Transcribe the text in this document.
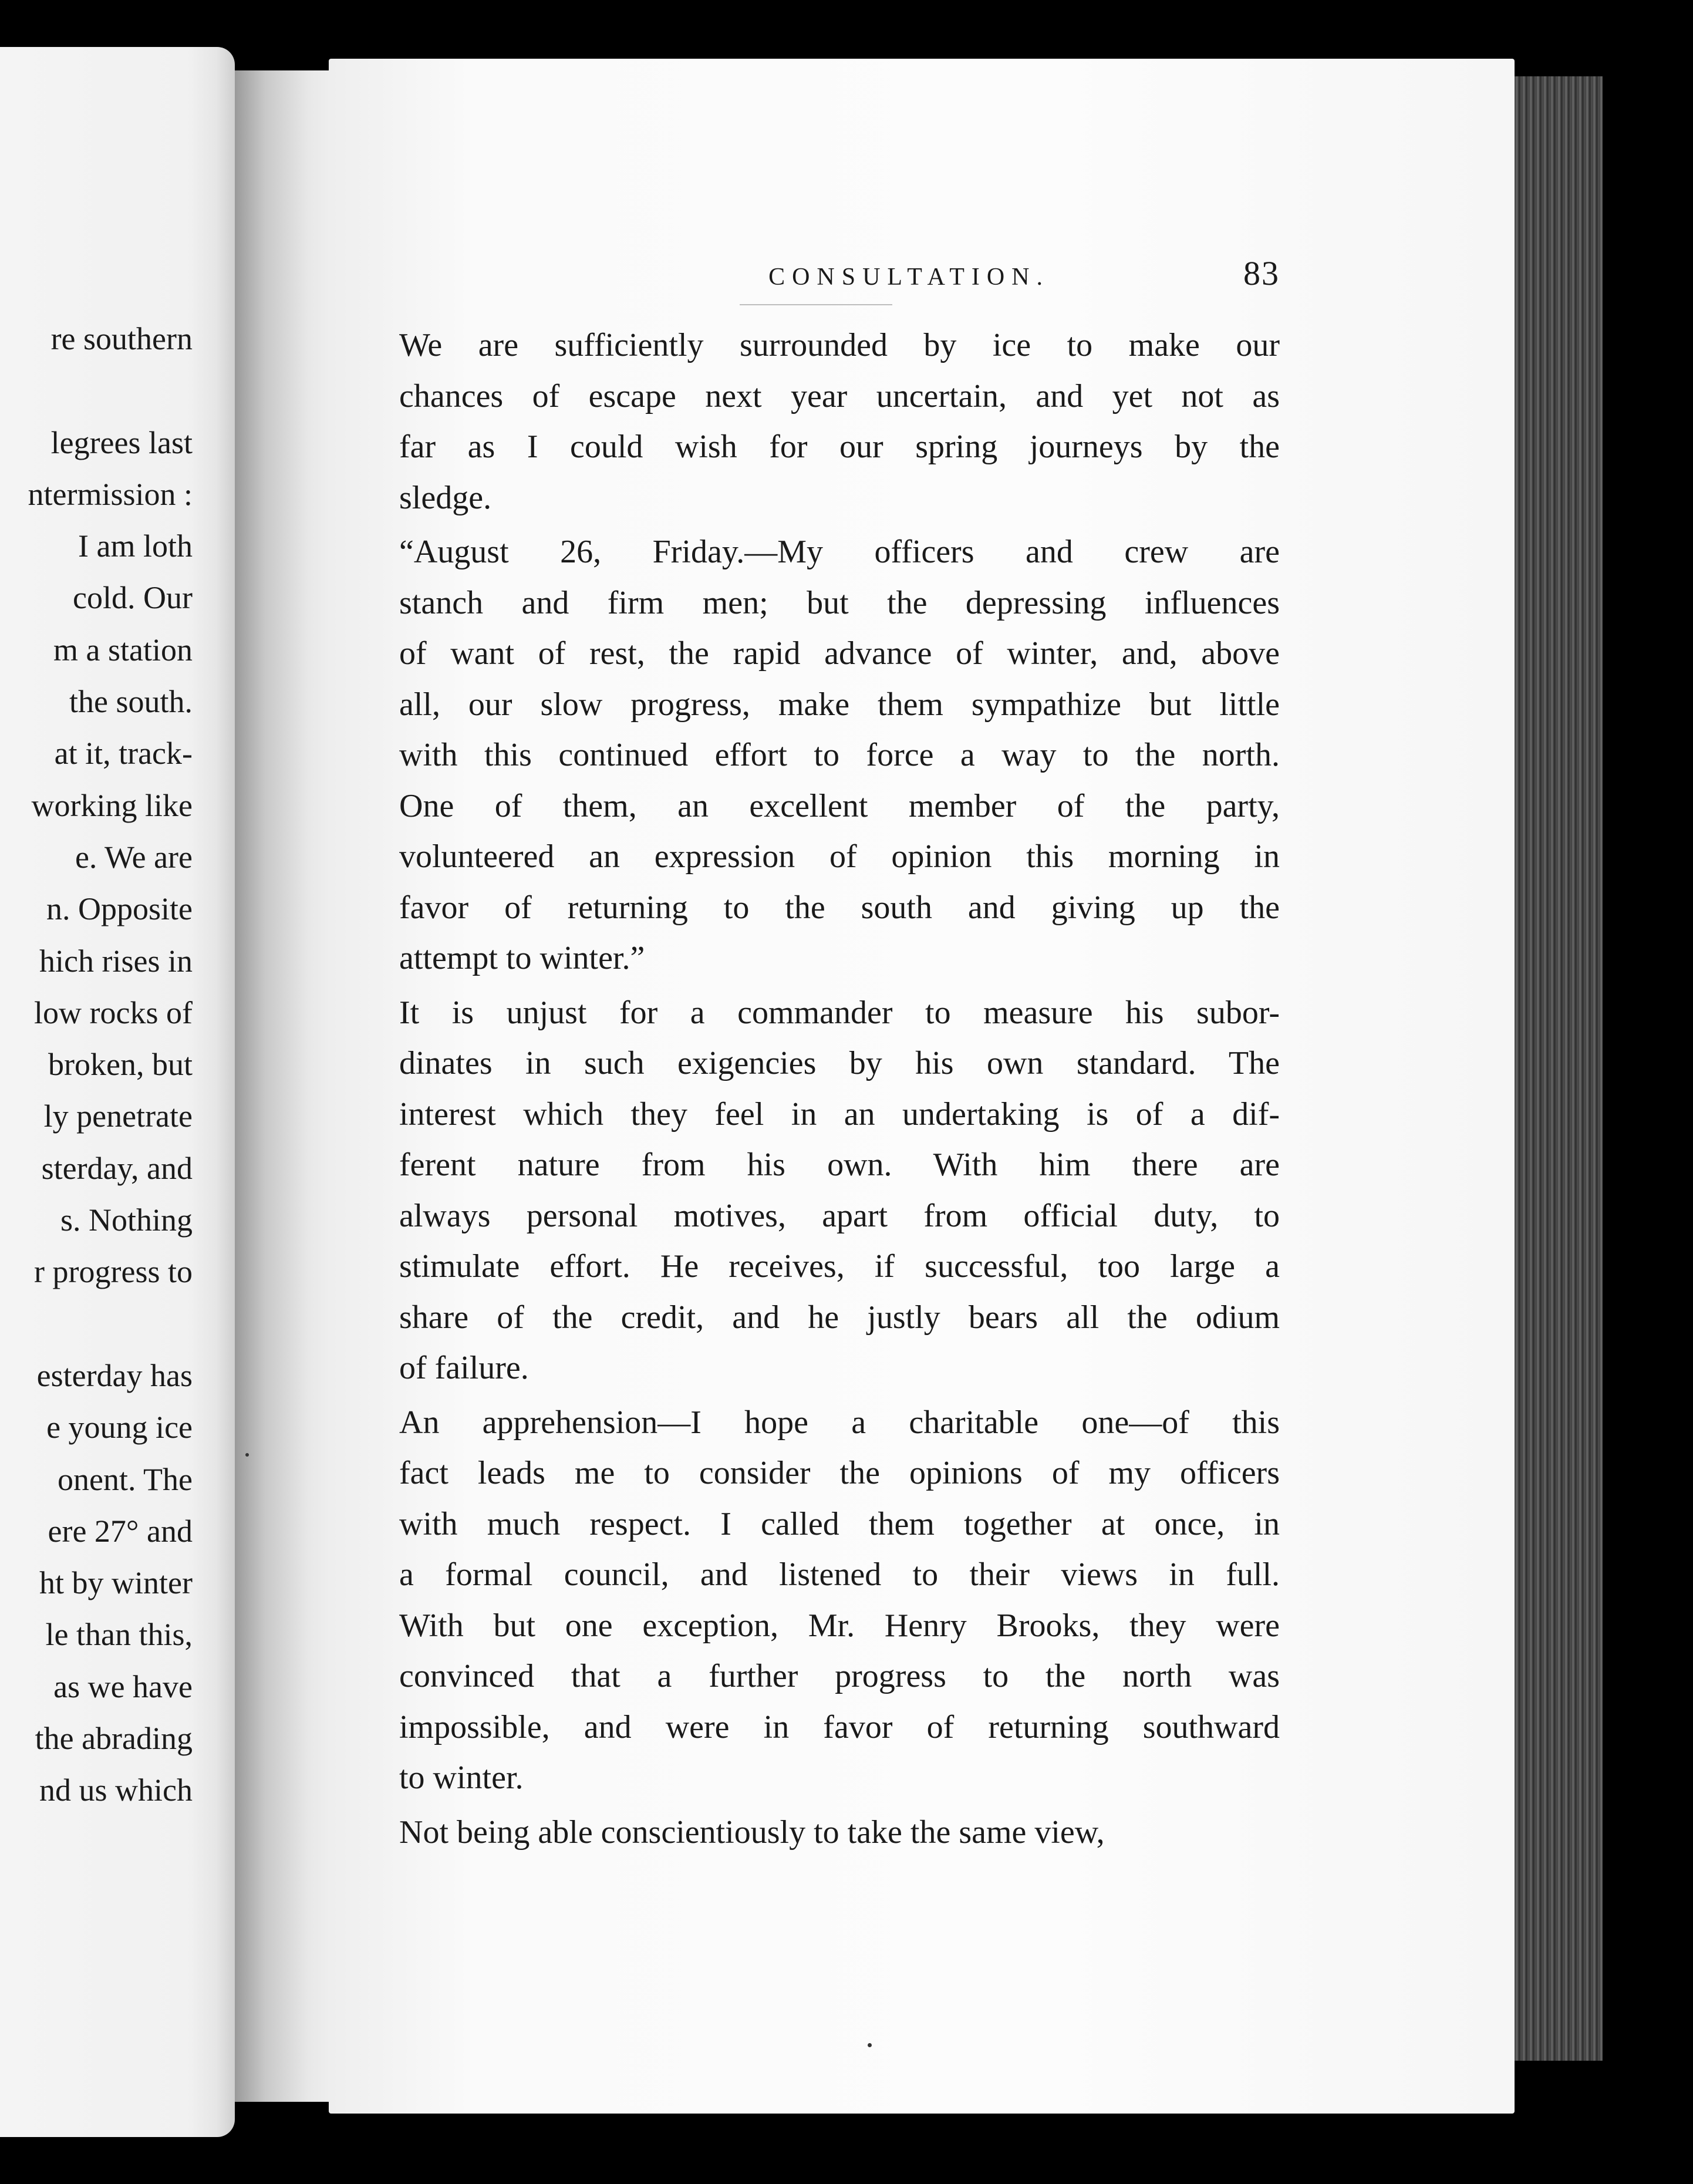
re southern
legrees last
ntermission :
I am loth
cold. Our
m a station
the south.
at it, track-
working like
e. We are
n. Opposite
hich rises in
low rocks of
broken, but
ly penetrate
sterday, and
s. Nothing
r progress to
esterday has
e young ice
onent. The
ere 27° and
ht by winter
le than this,
as we have
the abrading
nd us which
CONSULTATION.	83
We are sufficiently surrounded by ice to make our
chances of escape next year uncertain, and yet not as
far as I could wish for our spring journeys by the
sledge.
“August 26, Friday.—My officers and crew are
stanch and firm men; but the depressing influences
of want of rest, the rapid advance of winter, and, above
all, our slow progress, make them sympathize but little
with this continued effort to force a way to the north.
One of them, an excellent member of the party,
volunteered an expression of opinion this morning in
favor of returning to the south and giving up the
attempt to winter.”
It is unjust for a commander to measure his subor-
dinates in such exigencies by his own standard. The
interest which they feel in an undertaking is of a dif-
ferent nature from his own. With him there are
always personal motives, apart from official duty, to
stimulate effort. He receives, if successful, too large a
share of the credit, and he justly bears all the odium
of failure.
An apprehension—I hope a charitable one—of this
fact leads me to consider the opinions of my officers
with much respect. I called them together at once, in
a formal council, and listened to their views in full.
With but one exception, Mr. Henry Brooks, they were
convinced that a further progress to the north was
impossible, and were in favor of returning southward
to winter.
Not being able conscientiously to take the same view,
